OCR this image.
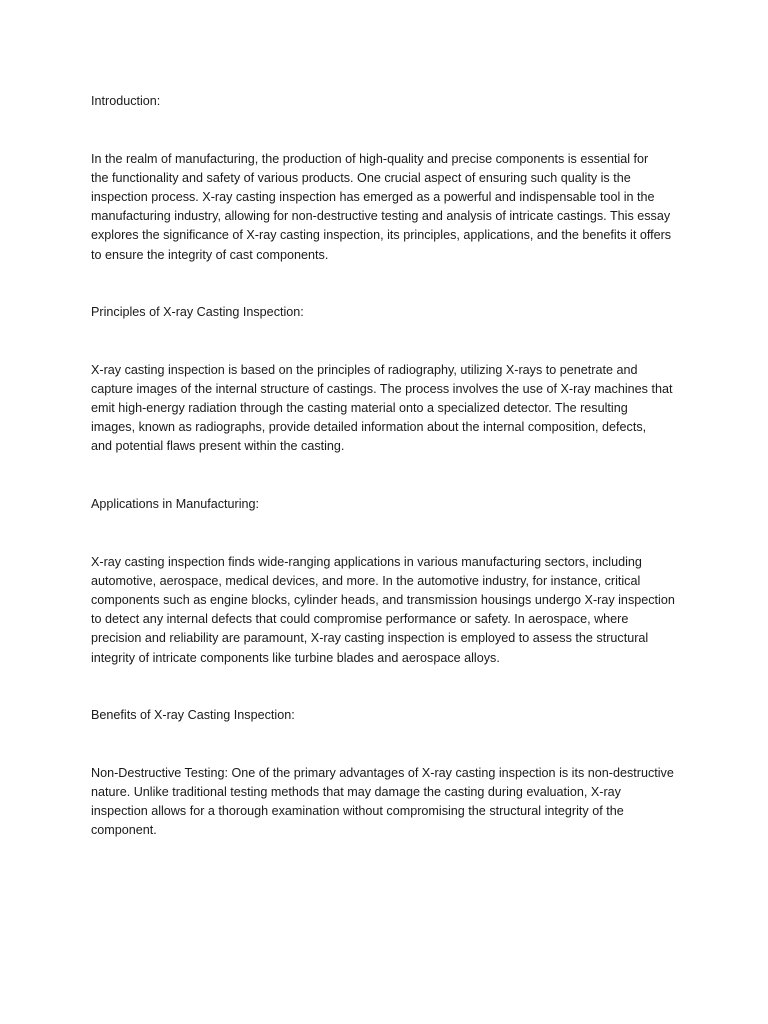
Introduction:
In the realm of manufacturing, the production of high-quality and precise components is essential for
the functionality and safety of various products. One crucial aspect of ensuring such quality is the
inspection process. X-ray casting inspection has emerged as a powerful and indispensable tool in the
manufacturing industry, allowing for non-destructive testing and analysis of intricate castings. This essay
explores the significance of X-ray casting inspection, its principles, applications, and the benefits it offers
to ensure the integrity of cast components.
Principles of X-ray Casting Inspection:
X-ray casting inspection is based on the principles of radiography, utilizing X-rays to penetrate and
capture images of the internal structure of castings. The process involves the use of X-ray machines that
emit high-energy radiation through the casting material onto a specialized detector. The resulting
images, known as radiographs, provide detailed information about the internal composition, defects,
and potential flaws present within the casting.
Applications in Manufacturing:
X-ray casting inspection finds wide-ranging applications in various manufacturing sectors, including
automotive, aerospace, medical devices, and more. In the automotive industry, for instance, critical
components such as engine blocks, cylinder heads, and transmission housings undergo X-ray inspection
to detect any internal defects that could compromise performance or safety. In aerospace, where
precision and reliability are paramount, X-ray casting inspection is employed to assess the structural
integrity of intricate components like turbine blades and aerospace alloys.
Benefits of X-ray Casting Inspection:
Non-Destructive Testing: One of the primary advantages of X-ray casting inspection is its non-destructive
nature. Unlike traditional testing methods that may damage the casting during evaluation, X-ray
inspection allows for a thorough examination without compromising the structural integrity of the
component.
